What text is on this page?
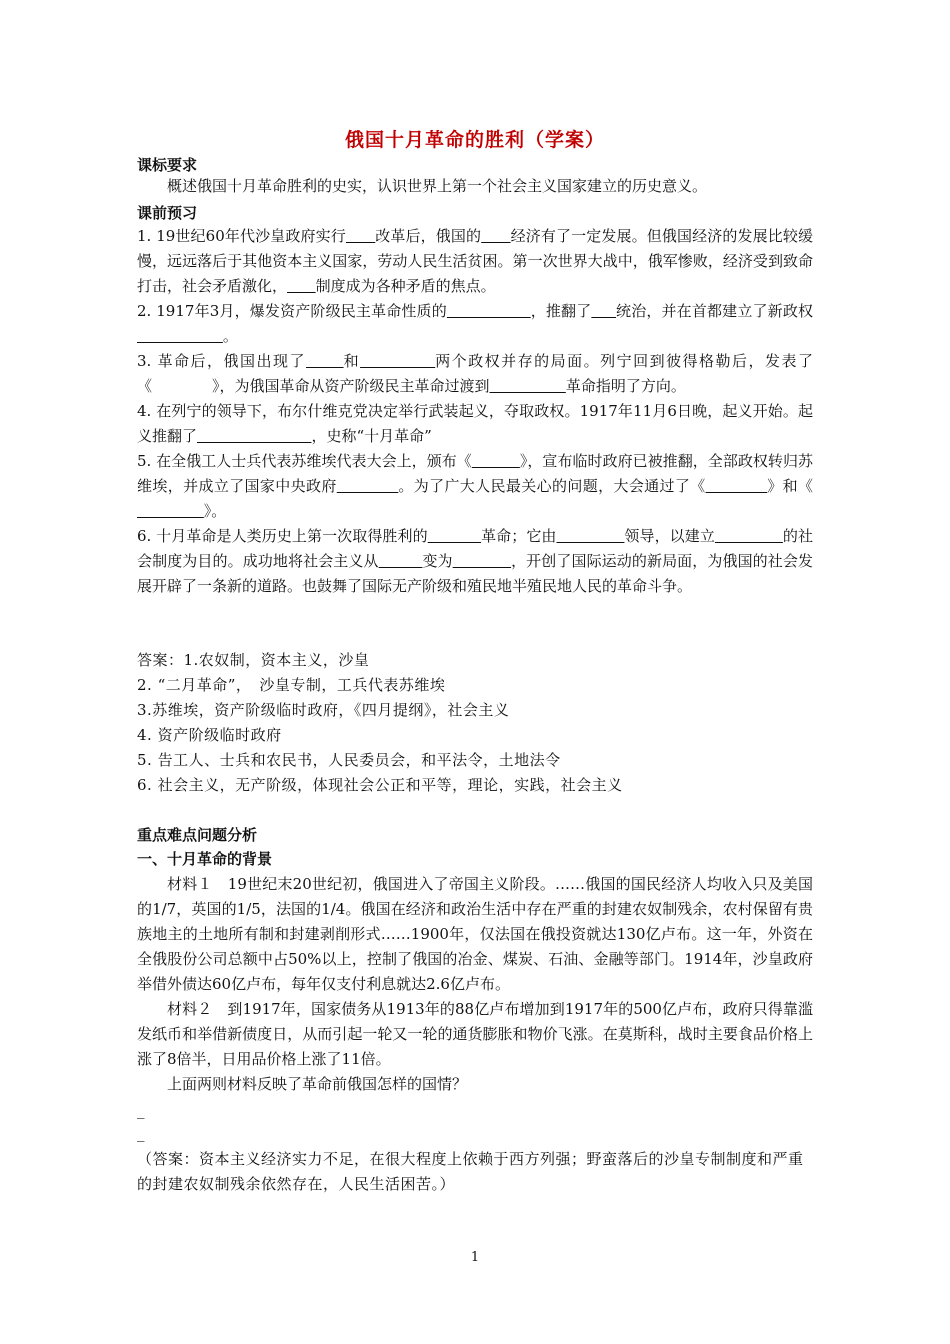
俄国十月革命的胜利（学案）
课标要求
概述俄国十月革命胜利的史实，认识世界上第一个社会主义国家建立的历史意义。
课前预习
1. 19世纪60年代沙皇政府实行 改革后，俄国的 经济有了一定发展。但俄国经济的发展比较缓慢，远远落后于其他资本主义国家，劳动人民生活贫困。第一次世界大战中，俄军惨败，经济受到致命打击，社会矛盾激化， 制度成为各种矛盾的焦点。
2. 1917年3月，爆发资产阶级民主革命性质的	，推翻了 统治，并在首都建立了新政权                  。
3. 革命后，俄国出现了	和	两个政权并存的局面。列宁回到彼得格勒后，发表了《　　　　》，为俄国革命从资产阶级民主革命过渡到	革命指明了方向。
4. 在列宁的领导下，布尔什维克党决定举行武装起义，夺取政权。1917年11月6日晚，起义开始。起义推翻了	，史称“十月革命”
5. 在全俄工人士兵代表苏维埃代表大会上，颁布《	》，宣布临时政府已被推翻，全部政权转归苏维埃，并成立了国家中央政府	。为了广大人民最关心的问题，大会通过了《	》和《              》。
6. 十月革命是人类历史上第一次取得胜利的	革命；它由	领导，以建立	的社会制度为目的。成功地将社会主义从	变为	，开创了国际运动的新局面，为俄国的社会发展开辟了一条新的道路。也鼓舞了国际无产阶级和殖民地半殖民地人民的革命斗争。
答案：1.农奴制，资本主义，沙皇
2. “二月革命”，　沙皇专制，工兵代表苏维埃
3.苏维埃，资产阶级临时政府，《四月提纲》，社会主义
4. 资产阶级临时政府
5. 告工人、士兵和农民书，人民委员会，和平法令，土地法令
6. 社会主义，无产阶级，体现社会公正和平等，理论，实践，社会主义
重点难点问题分析
一、十月革命的背景
材料１　19世纪末20世纪初，俄国进入了帝国主义阶段。……俄国的国民经济人均收入只及美国的1/7，英国的1/5，法国的1/4。俄国在经济和政治生活中存在严重的封建农奴制残余，农村保留有贵族地主的土地所有制和封建剥削形式……1900年，仅法国在俄投资就达130亿卢布。这一年，外资在全俄股份公司总额中占50%以上，控制了俄国的冶金、煤炭、石油、金融等部门。1914年，沙皇政府举借外债达60亿卢布，每年仅支付利息就达2.6亿卢布。
材料２　到1917年，国家债务从1913年的88亿卢布增加到1917年的500亿卢布，政府只得靠滥发纸币和举借新债度日，从而引起一轮又一轮的通货膨胀和物价飞涨。在莫斯科，战时主要食品价格上涨了8倍半，日用品价格上涨了11倍。
上面两则材料反映了革命前俄国怎样的国情？
_
_
（答案：资本主义经济实力不足，在很大程度上依赖于西方列强；野蛮落后的沙皇专制制度和严重的封建农奴制残余依然存在，人民生活困苦。）
1
